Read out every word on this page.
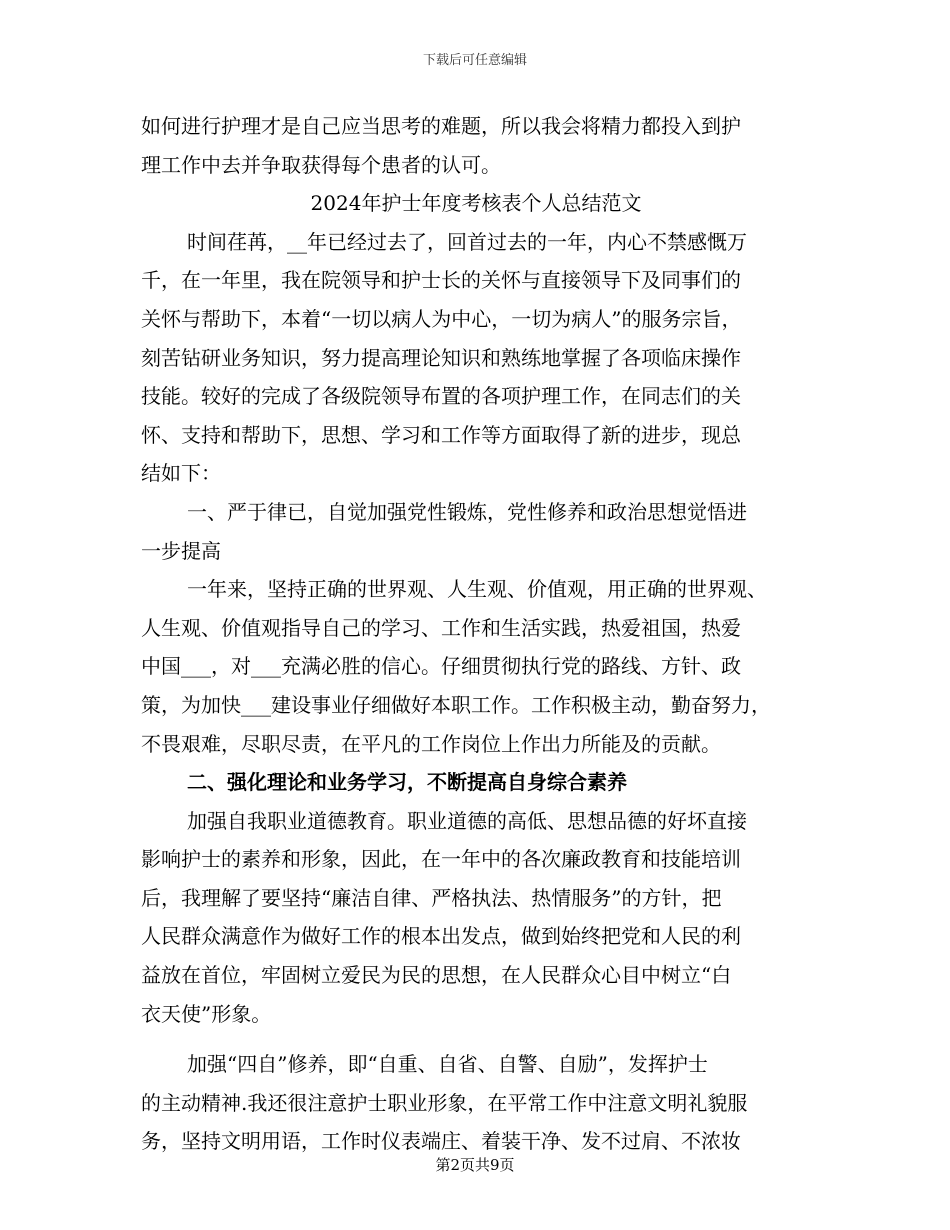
下载后可任意编辑
如何进行护理才是自己应当思考的难题，所以我会将精力都投入到护
理工作中去并争取获得每个患者的认可。
2024年护士年度考核表个人总结范文
时间荏苒，__年已经过去了，回首过去的一年，内心不禁感慨万
千，在一年里，我在院领导和护士长的关怀与直接领导下及同事们的
关怀与帮助下，本着“一切以病人为中心，一切为病人”的服务宗旨，
刻苦钻研业务知识，努力提高理论知识和熟练地掌握了各项临床操作
技能。较好的完成了各级院领导布置的各项护理工作，在同志们的关
怀、支持和帮助下，思想、学习和工作等方面取得了新的进步，现总
结如下：
一、严于律已，自觉加强党性锻炼，党性修养和政治思想觉悟进
一步提高
一年来，坚持正确的世界观、人生观、价值观，用正确的世界观、
人生观、价值观指导自己的学习、工作和生活实践，热爱祖国，热爱
中国___，对___充满必胜的信心。仔细贯彻执行党的路线、方针、政
策，为加快___建设事业仔细做好本职工作。工作积极主动，勤奋努力，
不畏艰难，尽职尽责，在平凡的工作岗位上作出力所能及的贡献。
二、强化理论和业务学习，不断提高自身综合素养
加强自我职业道德教育。职业道德的高低、思想品德的好坏直接
影响护士的素养和形象，因此，在一年中的各次廉政教育和技能培训
后，我理解了要坚持“廉洁自律、严格执法、热情服务”的方针，把
人民群众满意作为做好工作的根本出发点，做到始终把党和人民的利
益放在首位，牢固树立爱民为民的思想，在人民群众心目中树立“白
衣天使”形象。
加强“四自”修养，即“自重、自省、自警、自励”，发挥护士
的主动精神.我还很注意护士职业形象，在平常工作中注意文明礼貌服
务，坚持文明用语，工作时仪表端庄、着装干净、发不过肩、不浓妆
第2页共9页
